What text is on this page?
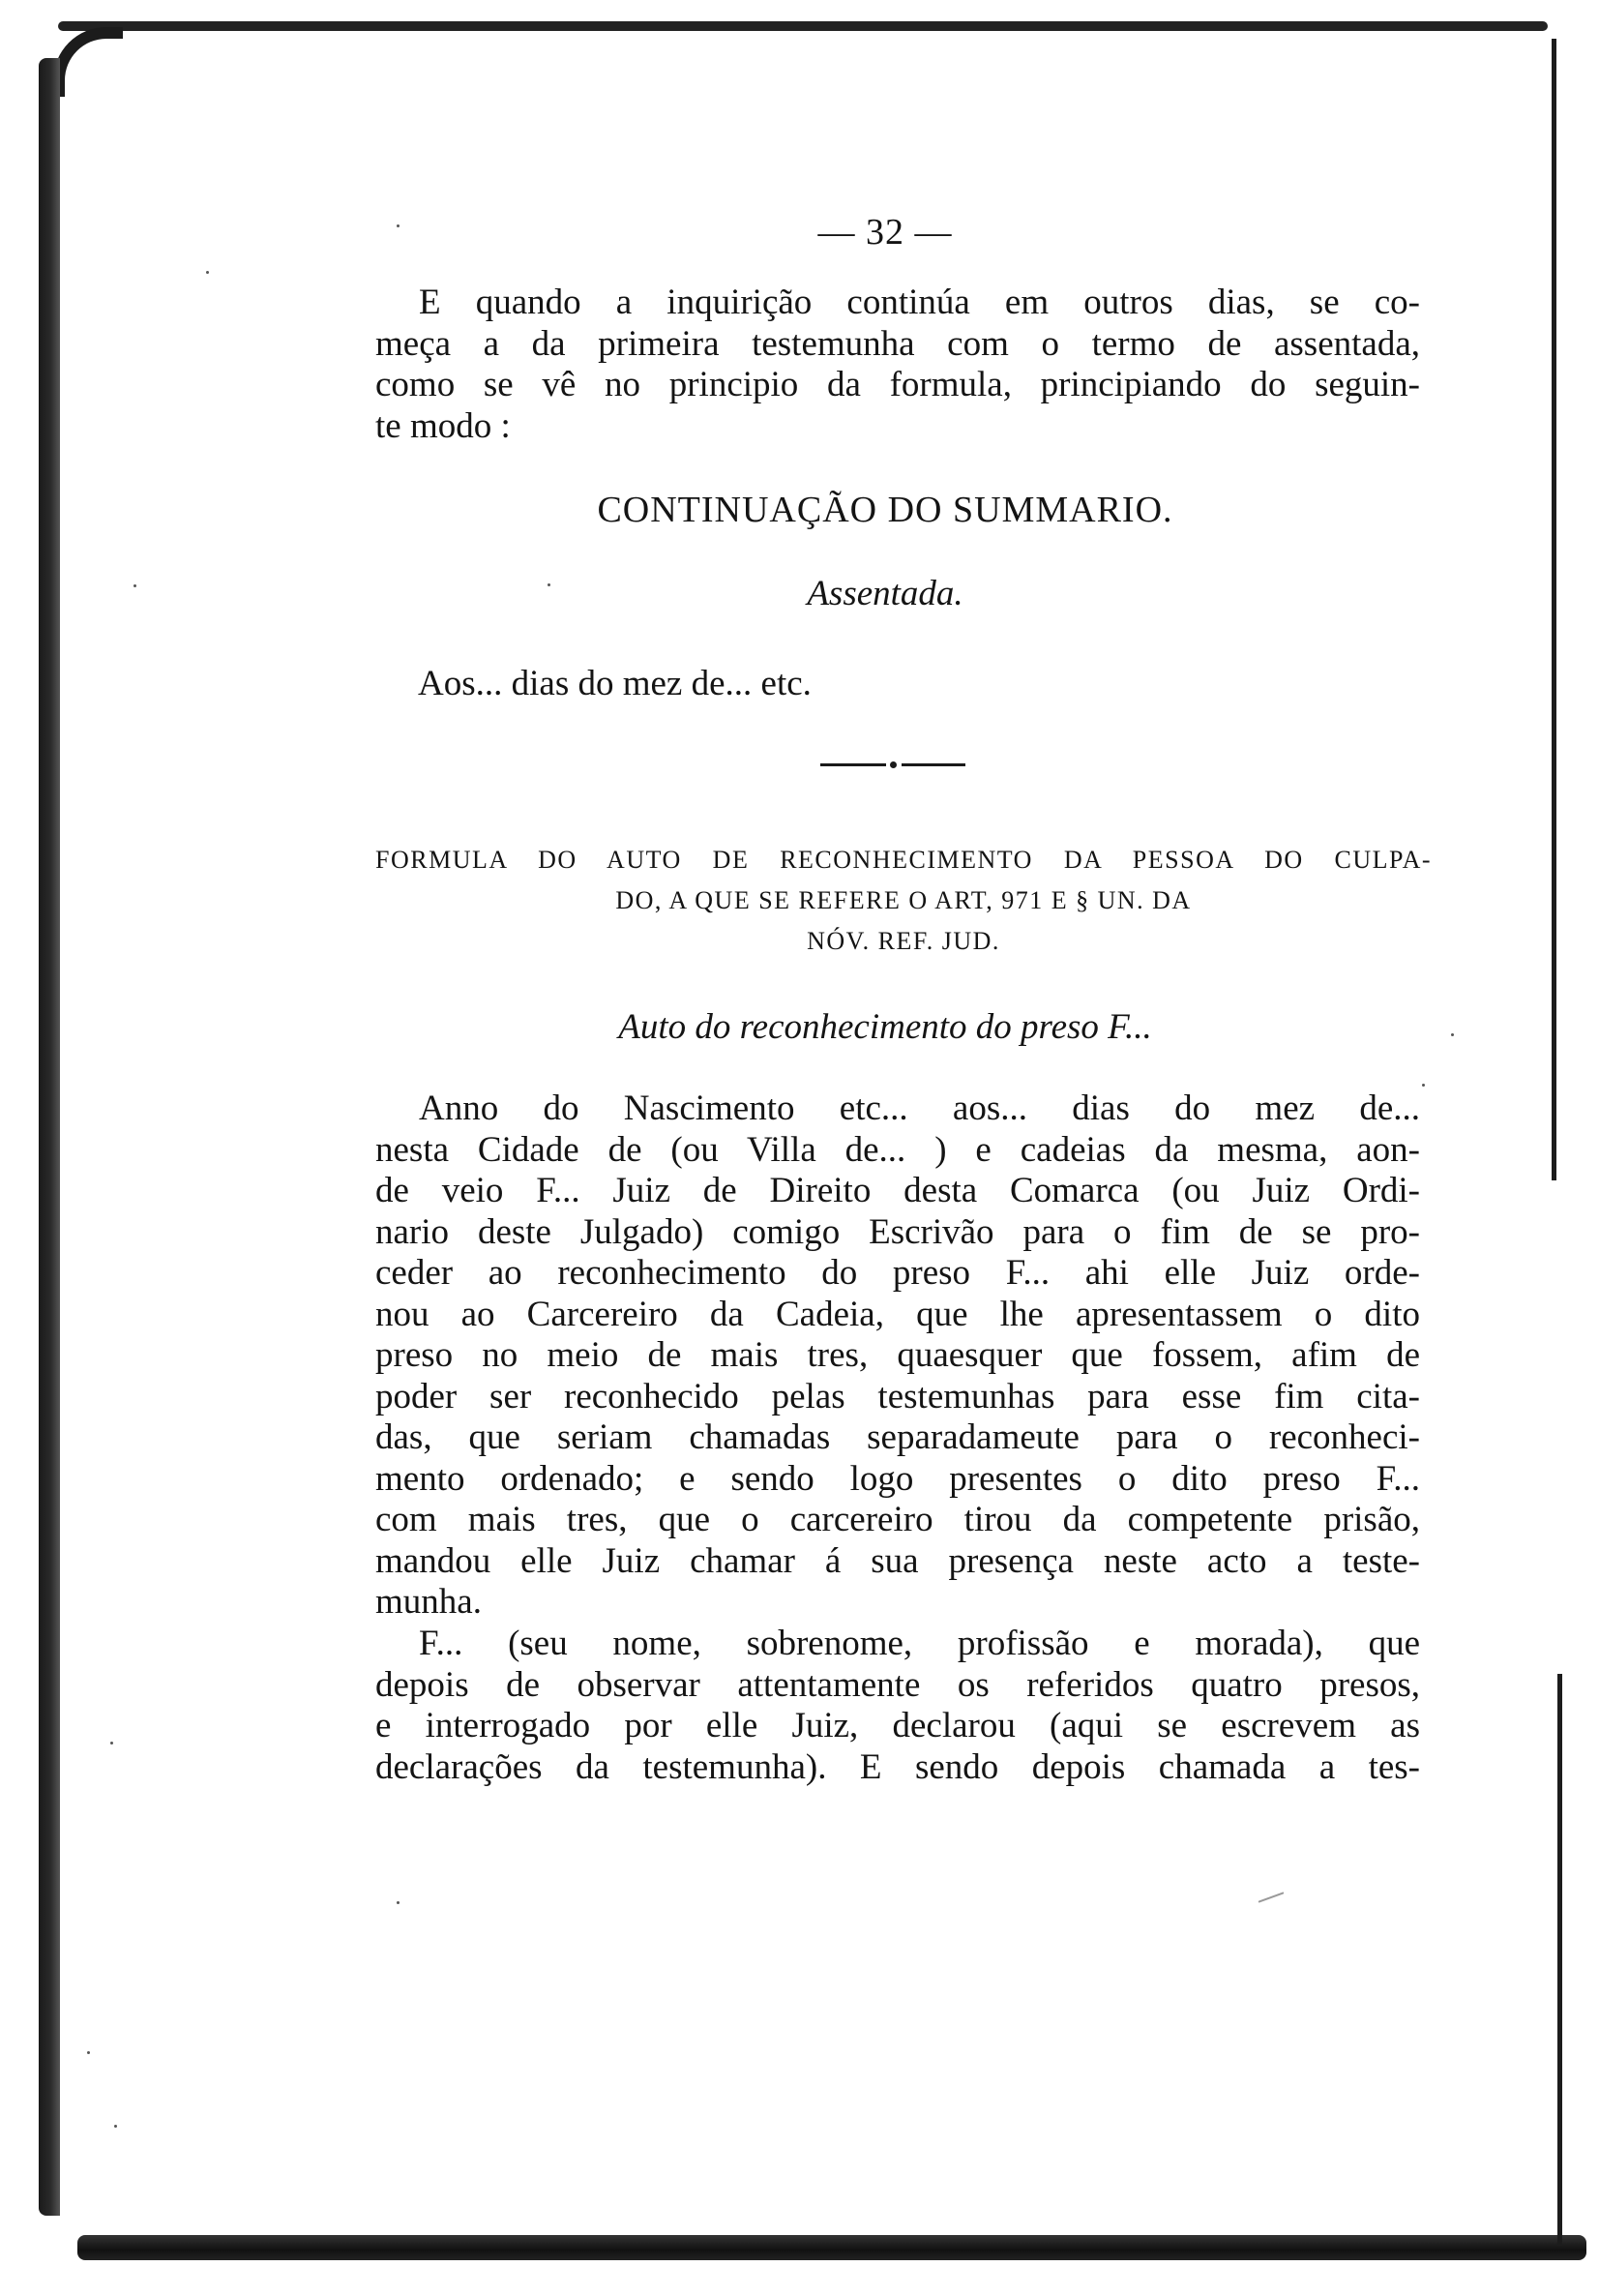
— 32 —
E quando a inquirição continúa em outros dias, se co-
meça a da primeira testemunha com o termo de assentada,
como se vê no principio da formula, principiando do seguin-
te modo :
CONTINUAÇÃO DO SUMMARIO.
Assentada.
Aos... dias do mez de... etc.
FORMULA DO AUTO DE RECONHECIMENTO DA PESSOA DO CULPA-
DO, A QUE SE REFERE O ART, 971 E § UN. DA
NÓV. REF. JUD.
Auto do reconhecimento do preso F...
Anno do Nascimento etc... aos... dias do mez de...
nesta Cidade de (ou Villa de... ) e cadeias da mesma, aon-
de veio F... Juiz de Direito desta Comarca (ou Juiz Ordi-
nario deste Julgado) comigo Escrivão para o fim de se pro-
ceder ao reconhecimento do preso F... ahi elle Juiz orde-
nou ao Carcereiro da Cadeia, que lhe apresentassem o dito
preso no meio de mais tres, quaesquer que fossem, afim de
poder ser reconhecido pelas testemunhas para esse fim cita-
das, que seriam chamadas separadameute para o reconheci-
mento ordenado; e sendo logo presentes o dito preso F...
com mais tres, que o carcereiro tirou da competente prisão,
mandou elle Juiz chamar á sua presença neste acto a teste-
munha.
F... (seu nome, sobrenome, profissão e morada), que
depois de observar attentamente os referidos quatro presos,
e interrogado por elle Juiz, declarou (aqui se escrevem as
declarações da testemunha). E sendo depois chamada a tes-
